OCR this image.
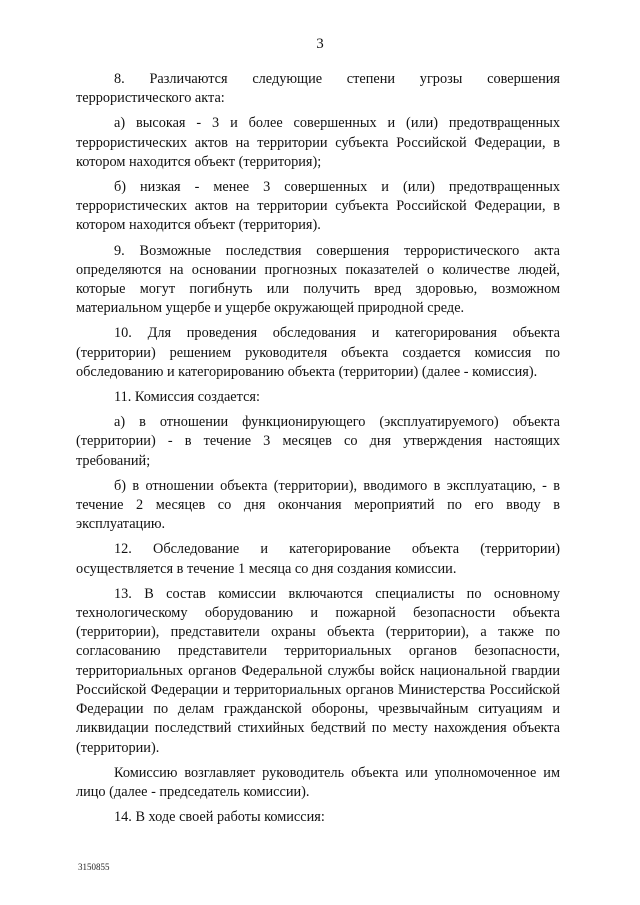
3

8. Различаются следующие степени угрозы совершения террористического акта:

а) высокая - 3 и более совершенных и (или) предотвращенных террористических актов на территории субъекта Российской Федерации, в котором находится объект (территория);

б) низкая - менее 3 совершенных и (или) предотвращенных террористических актов на территории субъекта Российской Федерации, в котором находится объект (территория).

9. Возможные последствия совершения террористического акта определяются на основании прогнозных показателей о количестве людей, которые могут погибнуть или получить вред здоровью, возможном материальном ущербе и ущербе окружающей природной среде.

10. Для проведения обследования и категорирования объекта (территории) решением руководителя объекта создается комиссия по обследованию и категорированию объекта (территории) (далее - комиссия).

11. Комиссия создается:

а) в отношении функционирующего (эксплуатируемого) объекта (территории) - в течение 3 месяцев со дня утверждения настоящих требований;

б) в отношении объекта (территории), вводимого в эксплуатацию, - в течение 2 месяцев со дня окончания мероприятий по его вводу в эксплуатацию.

12. Обследование и категорирование объекта (территории) осуществляется в течение 1 месяца со дня создания комиссии.

13. В состав комиссии включаются специалисты по основному технологическому оборудованию и пожарной безопасности объекта (территории), представители охраны объекта (территории), а также по согласованию представители территориальных органов безопасности, территориальных органов Федеральной службы войск национальной гвардии Российской Федерации и территориальных органов Министерства Российской Федерации по делам гражданской обороны, чрезвычайным ситуациям и ликвидации последствий стихийных бедствий по месту нахождения объекта (территории).

Комиссию возглавляет руководитель объекта или уполномоченное им лицо (далее - председатель комиссии).

14. В ходе своей работы комиссия:

3150855
